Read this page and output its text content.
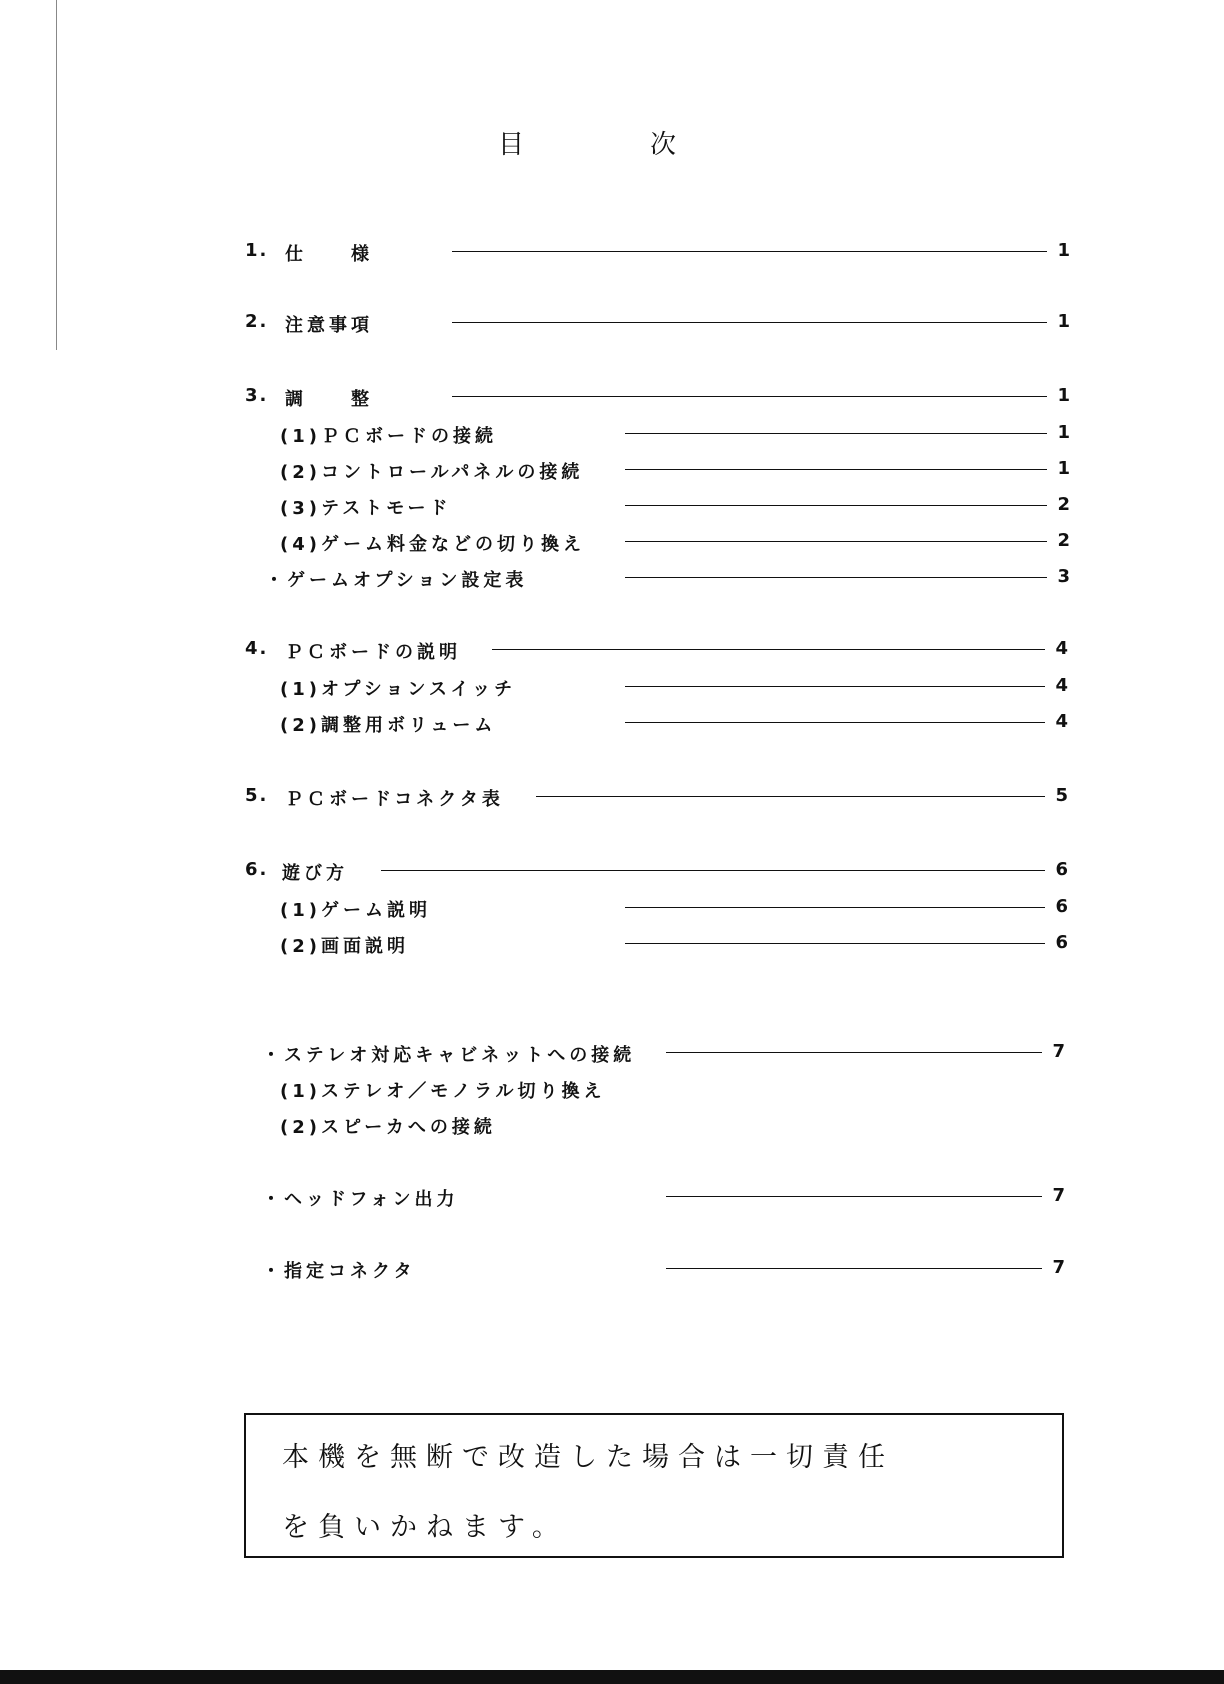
目　次
1. 仕　　様	1
2. 注意事項	1
3. 調　　整	1
(1)ＰＣボードの接続	1
(2)コントロールパネルの接続	1
(3)テストモード	2
(4)ゲーム料金などの切り換え	2
・ゲームオプション設定表	3
4. ＰＣボードの説明	4
(1)オプションスイッチ	4
(2)調整用ボリューム	4
5. ＰＣボードコネクタ表	5
6. 遊び方	6
(1)ゲーム説明	6
(2)画面説明	6
・ステレオ対応キャビネットへの接続	7
(1)ステレオ／モノラル切り換え
(2)スピーカへの接続
・ヘッドフォン出力	7
・指定コネクタ	7
本機を無断で改造した場合は一切責任
を負いかねます。
